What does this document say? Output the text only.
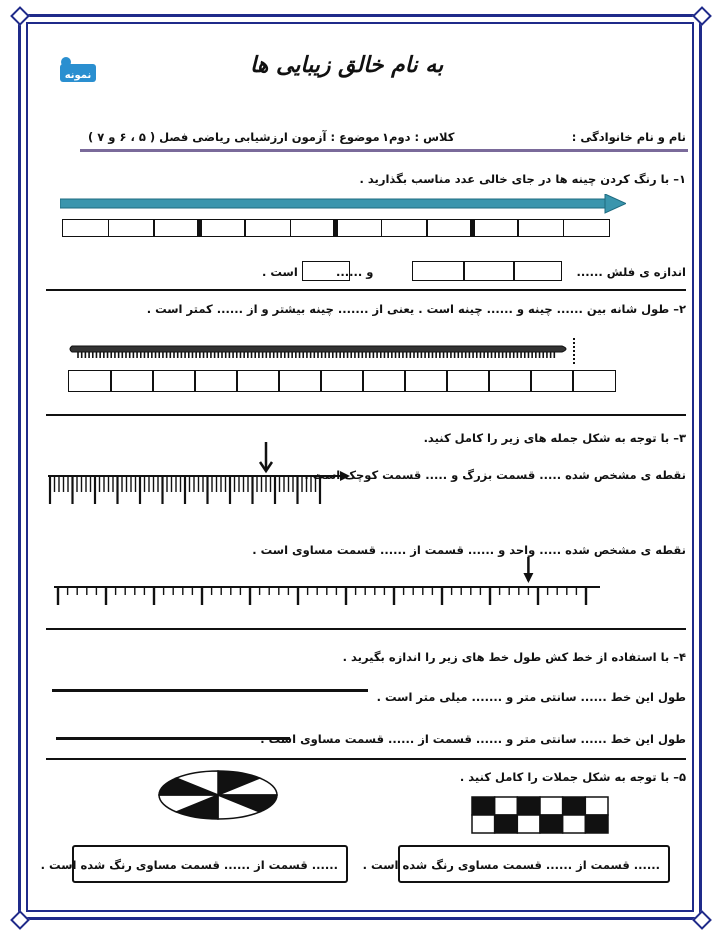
نمونه	به نام خالق زیبایی ها
نام و نام خانوادگی :
کلاس : دوم۱
موضوع : آزمون ارزشیابی ریاضی فصل ( ۵ ، ۶ و ۷ )
۱– با رنگ کردن چینه ها در جای خالی عدد مناسب بگذارید .
اندازه ی فلش ......
و ......
است .
۲– طول شانه بین ...... چینه و ...... چینه است . یعنی از ....... چینه بیشتر و از ...... کمتر است .
۳– با توجه به شکل جمله های زیر را کامل کنید.
نقطه ی مشخص شده ..... قسمت بزرگ و ..... قسمت کوچک است .
نقطه ی مشخص شده ..... واحد و ...... قسمت از ...... قسمت مساوی است .
۴– با استفاده از خط کش طول خط های زیر را اندازه بگیرید .
طول این خط ...... سانتی متر و ....... میلی متر است .
طول این خط ...... سانتی متر و ...... قسمت از ...... قسمت مساوی است .
۵– با توجه به شکل جملات را کامل کنید .
...... قسمت از ...... قسمت مساوی رنگ شده است .
...... قسمت از ...... قسمت مساوی رنگ شده است .
